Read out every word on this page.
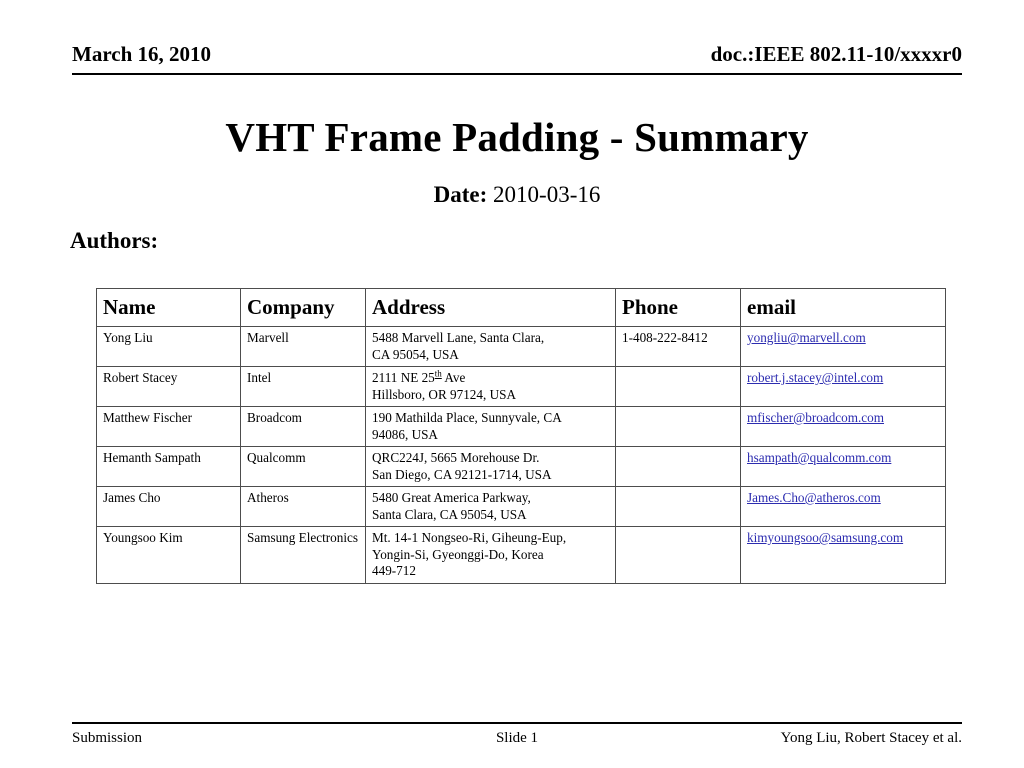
March 16, 2010	doc.:IEEE 802.11-10/xxxxr0
VHT Frame Padding - Summary
Date: 2010-03-16
Authors:
Name	Company	Address	Phone	email
Yong Liu	Marvell	5488 Marvell Lane, Santa Clara,
CA 95054, USA	1-408-222-8412	yongliu@marvell.com
Robert Stacey	Intel	2111 NE 25th Ave
Hillsboro, OR 97124, USA		robert.j.stacey@intel.com
Matthew Fischer	Broadcom	190 Mathilda Place, Sunnyvale, CA
94086, USA		mfischer@broadcom.com
Hemanth Sampath	Qualcomm	QRC224J, 5665 Morehouse Dr.
San Diego, CA 92121-1714, USA		hsampath@qualcomm.com
James Cho	Atheros	5480 Great America Parkway,
Santa Clara, CA 95054, USA		James.Cho@atheros.com
Youngsoo Kim	Samsung Electronics	Mt. 14-1 Nongseo-Ri, Giheung-Eup,
Yongin-Si, Gyeonggi-Do, Korea
449-712		kimyoungsoo@samsung.com
Submission	Slide 1	Yong Liu, Robert Stacey et al.
